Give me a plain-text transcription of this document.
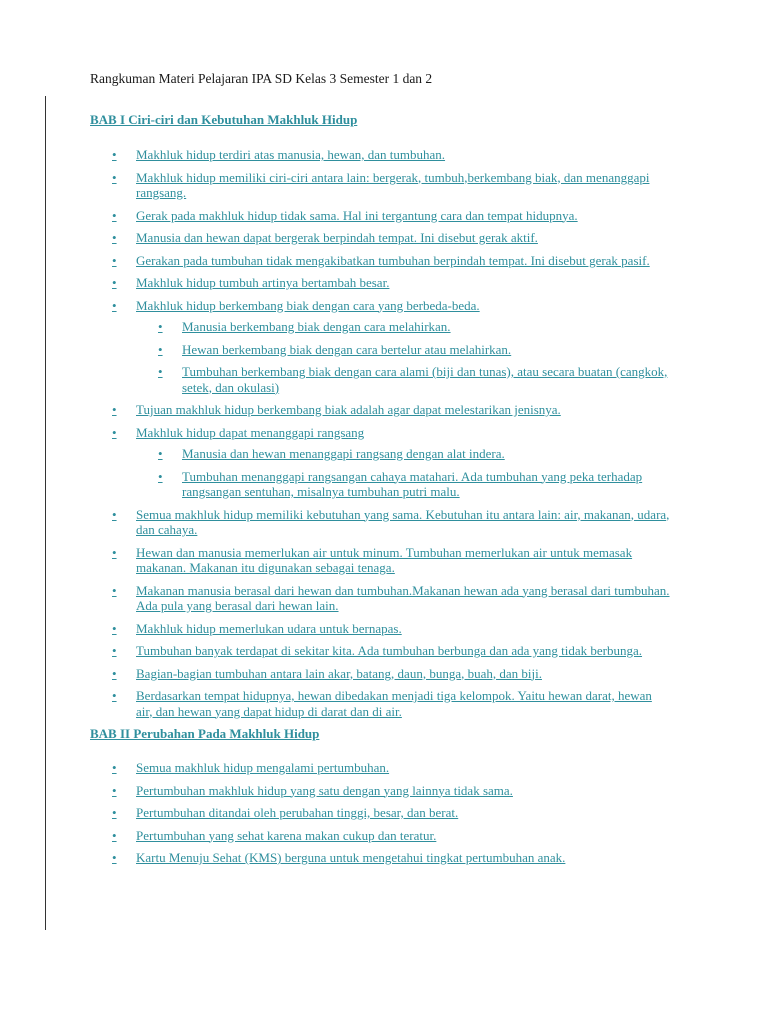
Rangkuman Materi Pelajaran IPA SD Kelas 3 Semester 1 dan 2
BAB I Ciri-ciri dan Kebutuhan Makhluk Hidup
• Makhluk hidup terdiri atas manusia, hewan, dan tumbuhan.
• Makhluk hidup memiliki ciri-ciri antara lain: bergerak, tumbuh,berkembang biak, dan menanggapi rangsang.
• Gerak pada makhluk hidup tidak sama. Hal ini tergantung cara dan tempat hidupnya.
• Manusia dan hewan dapat bergerak berpindah tempat. Ini disebut gerak aktif.
• Gerakan pada tumbuhan tidak mengakibatkan tumbuhan berpindah tempat. Ini disebut gerak pasif.
• Makhluk hidup tumbuh artinya bertambah besar.
• Makhluk hidup berkembang biak dengan cara yang berbeda-beda.
• Manusia berkembang biak dengan cara melahirkan.
• Hewan berkembang biak dengan cara bertelur atau melahirkan.
• Tumbuhan berkembang biak dengan cara alami (biji dan tunas), atau secara buatan (cangkok, setek, dan okulasi)
• Tujuan makhluk hidup berkembang biak adalah agar dapat melestarikan jenisnya.
• Makhluk hidup dapat menanggapi rangsang
• Manusia dan hewan menanggapi rangsang dengan alat indera.
• Tumbuhan menanggapi rangsangan cahaya matahari. Ada tumbuhan yang peka terhadap rangsangan sentuhan, misalnya tumbuhan putri malu.
• Semua makhluk hidup memiliki kebutuhan yang sama. Kebutuhan itu antara lain: air, makanan, udara, dan cahaya.
• Hewan dan manusia memerlukan air untuk minum. Tumbuhan memerlukan air untuk memasak makanan. Makanan itu digunakan sebagai tenaga.
• Makanan manusia berasal dari hewan dan tumbuhan.Makanan hewan ada yang berasal dari tumbuhan. Ada pula yang berasal dari hewan lain.
• Makhluk hidup memerlukan udara untuk bernapas.
• Tumbuhan banyak terdapat di sekitar kita. Ada tumbuhan berbunga dan ada yang tidak berbunga.
• Bagian-bagian tumbuhan antara lain akar, batang, daun, bunga, buah, dan biji.
• Berdasarkan tempat hidupnya, hewan dibedakan menjadi tiga kelompok. Yaitu hewan darat, hewan air, dan hewan yang dapat hidup di darat dan di air.
BAB II Perubahan Pada Makhluk Hidup
• Semua makhluk hidup mengalami pertumbuhan.
• Pertumbuhan makhluk hidup yang satu dengan yang lainnya tidak sama.
• Pertumbuhan ditandai oleh perubahan tinggi, besar, dan berat.
• Pertumbuhan yang sehat karena makan cukup dan teratur.
• Kartu Menuju Sehat (KMS) berguna untuk mengetahui tingkat pertumbuhan anak.
